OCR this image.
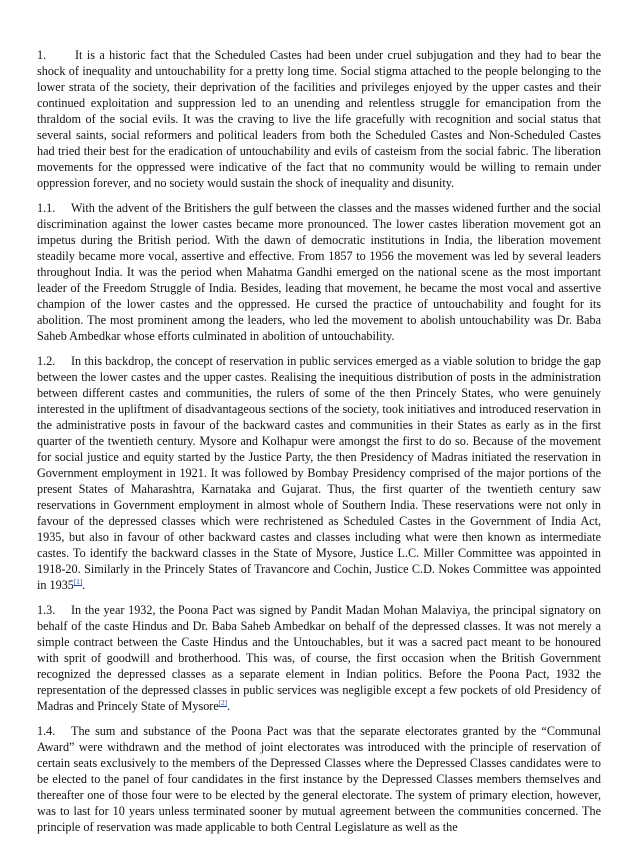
1. It is a historic fact that the Scheduled Castes had been under cruel subjugation and they had to bear the shock of inequality and untouchability for a pretty long time. Social stigma attached to the people belonging to the lower strata of the society, their deprivation of the facilities and privileges enjoyed by the upper castes and their continued exploitation and suppression led to an unending and relentless struggle for emancipation from the thraldom of the social evils. It was the craving to live the life gracefully with recognition and social status that several saints, social reformers and political leaders from both the Scheduled Castes and Non-Scheduled Castes had tried their best for the eradication of untouchability and evils of casteism from the social fabric. The liberation movements for the oppressed were indicative of the fact that no community would be willing to remain under oppression forever, and no society would sustain the shock of inequality and disunity.

1.1. With the advent of the Britishers the gulf between the classes and the masses widened further and the social discrimination against the lower castes became more pronounced. The lower castes liberation movement got an impetus during the British period. With the dawn of democratic institutions in India, the liberation movement steadily became more vocal, assertive and effective. From 1857 to 1956 the movement was led by several leaders throughout India. It was the period when Mahatma Gandhi emerged on the national scene as the most important leader of the Freedom Struggle of India. Besides, leading that movement, he became the most vocal and assertive champion of the lower castes and the oppressed. He cursed the practice of untouchability and fought for its abolition. The most prominent among the leaders, who led the movement to abolish untouchability was Dr. Baba Saheb Ambedkar whose efforts culminated in abolition of untouchability.

1.2. In this backdrop, the concept of reservation in public services emerged as a viable solution to bridge the gap between the lower castes and the upper castes. Realising the inequitious distribution of posts in the administration between different castes and communities, the rulers of some of the then Princely States, who were genuinely interested in the upliftment of disadvantageous sections of the society, took initiatives and introduced reservation in the administrative posts in favour of the backward castes and communities in their States as early as in the first quarter of the twentieth century. Mysore and Kolhapur were amongst the first to do so. Because of the movement for social justice and equity started by the Justice Party, the then Presidency of Madras initiated the reservation in Government employment in 1921. It was followed by Bombay Presidency comprised of the major portions of the present States of Maharashtra, Karnataka and Gujarat. Thus, the first quarter of the twentieth century saw reservations in Government employment in almost whole of Southern India. These reservations were not only in favour of the depressed classes which were rechristened as Scheduled Castes in the Government of India Act, 1935, but also in favour of other backward castes and classes including what were then known as intermediate castes. To identify the backward classes in the State of Mysore, Justice L.C. Miller Committee was appointed in 1918-20. Similarly in the Princely States of Travancore and Cochin, Justice C.D. Nokes Committee was appointed in 1935[1].

1.3. In the year 1932, the Poona Pact was signed by Pandit Madan Mohan Malaviya, the principal signatory on behalf of the caste Hindus and Dr. Baba Saheb Ambedkar on behalf of the depressed classes. It was not merely a simple contract between the Caste Hindus and the Untouchables, but it was a sacred pact meant to be honoured with sprit of goodwill and brotherhood. This was, of course, the first occasion when the British Government recognized the depressed classes as a separate element in Indian politics. Before the Poona Pact, 1932 the representation of the depressed classes in public services was negligible except a few pockets of old Presidency of Madras and Princely State of Mysore[2].

1.4. The sum and substance of the Poona Pact was that the separate electorates granted by the “Communal Award” were withdrawn and the method of joint electorates was introduced with the principle of reservation of certain seats exclusively to the members of the Depressed Classes where the Depressed Classes candidates were to be elected to the panel of four candidates in the first instance by the Depressed Classes members themselves and thereafter one of those four were to be elected by the general electorate. The system of primary election, however, was to last for 10 years unless terminated sooner by mutual agreement between the communities concerned. The principle of reservation was made applicable to both Central Legislature as well as the
